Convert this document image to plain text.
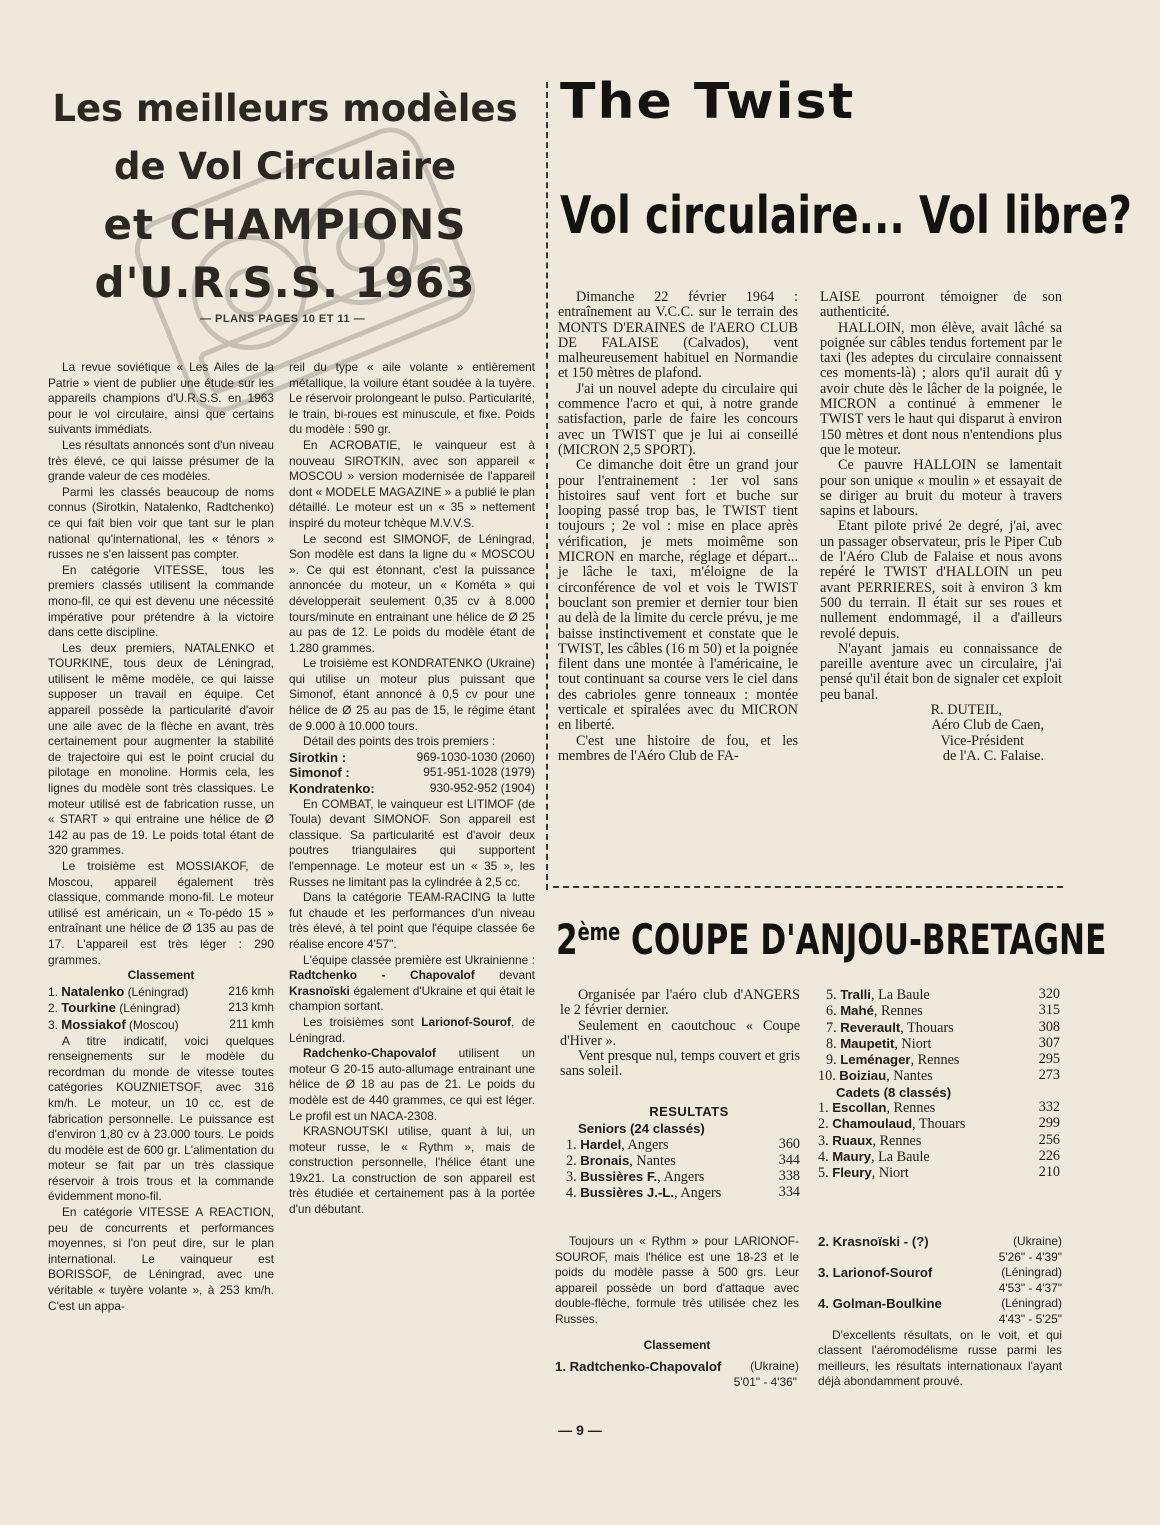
Les meilleurs modèles
de Vol Circulaire
et CHAMPIONS
d'U.R.S.S. 1963
— PLANS PAGES 10 ET 11 —

La revue soviétique « Les Ailes de la Patrie » vient de publier une étude sur les appareils champions d'U.R.S.S. en 1963 pour le vol circulaire, ainsi que certains suivants immédiats.

Les résultats annoncés sont d'un niveau très élevé, ce qui laisse présumer de la grande valeur de ces modèles.

Parmi les classés beaucoup de noms connus (Sirotkin, Natalenko, Radtchenko) ce qui fait bien voir que tant sur le plan national qu'international, les « ténors » russes ne s'en laissent pas compter.

En catégorie VITESSE, tous les premiers classés utilisent la commande mono-fil, ce qui est devenu une nécessité impérative pour prétendre à la victoire dans cette discipline.

Les deux premiers, NATALENKO et TOURKINE, tous deux de Léningrad, utilisent le même modèle, ce qui laisse supposer un travail en équipe. Cet appareil possède la particularité d'avoir une aile avec de la flèche en avant, très certainement pour augmenter la stabilité de trajectoire qui est le point crucial du pilotage en monoline. Hormis cela, les lignes du modèle sont très classiques. Le moteur utilisé est de fabrication russe, un « START » qui entraine une hélice de Ø 142 au pas de 19. Le poids total étant de 320 grammes.

Le troisième est MOSSIAKOF, de Moscou, appareil également très classique, commande mono-fil. Le moteur utilisé est américain, un « To-pédo 15 » entraînant une hélice de Ø 135 au pas de 17. L'appareil est très léger : 290 grammes.

Classement

1. Natalenko (Léningrad)	216 kmh
2. Tourkine (Léningrad)	213 kmh
3. Mossiakof (Moscou)	211 kmh

A titre indicatif, voici quelques renseignements sur le modèle du recordman du monde de vitesse toutes catégories KOUZNIETSOF, avec 316 km/h. Le moteur, un 10 cc. est de fabrication personnelle. Le puissance est d'environ 1,80 cv à 23.000 tours. Le poids du modèle est de 600 gr. L'alimentation du moteur se fait par un très classique réservoir à trois trous et la commande évidemment mono-fil.

En catégorie VITESSE A REACTION, peu de concurrents et performances moyennes, si l'on peut dire, sur le plan international. Le vainqueur est BORISSOF, de Léningrad, avec une véritable « tuyère volante », à 253 km/h. C'est un appa-

reil du type « aile volante » entièrement métallique, la voilure étant soudée à la tuyère. Le réservoir prolongeant le pulso. Particularité, le train, bi-roues est minuscule, et fixe. Poids du modèle : 590 gr.

En ACROBATIE, le vainqueur est à nouveau SIROTKIN, avec son appareil « MOSCOU » version modernisée de l'appareil dont « MODELE MAGAZINE » a publié le plan détaillé. Le moteur est un « 35 » nettement inspiré du moteur tchèque M.V.V.S.

Le second est SIMONOF, de Léningrad, Son modèle est dans la ligne du « MOSCOU ». Ce qui est étonnant, c'est la puissance annoncée du moteur, un « Kométa » qui développerait seulement 0,35 cv à 8.000 tours/minute en entrainant une hélice de Ø 25 au pas de 12. Le poids du modèle étant de 1.280 grammes.

Le troisième est KONDRATENKO (Ukraine) qui utilise un moteur plus puissant que Simonof, étant annoncé à 0,5 cv pour une hélice de Ø 25 au pas de 15, le régime étant de 9.000 à 10.000 tours.

Détail des points des trois premiers :

Sirotkin :	969-1030-1030 (2060)
Simonof :	951-951-1028 (1979)
Kondratenko:	930-952-952 (1904)

En COMBAT, le vainqueur est LITIMOF (de Toula) devant SIMONOF. Son appareil est classique. Sa particularité est d'avoir deux poutres triangulaires qui supportent l'empennage. Le moteur est un « 35 », les Russes ne limitant pas la cylindrée à 2,5 cc.

Dans la catégorie TEAM-RACING la lutte fut chaude et les performances d'un niveau très élevé, à tel point que l'équipe classée 6e réalise encore 4'57".

L'équipe classée première est Ukrainienne : Radtchenko - Chapovalof devant Krasnoïski également d'Ukraine et qui était le champion sortant.

Les troisièmes sont Larionof-Sourof, de Léningrad.

Radchenko-Chapovalof utilisent un moteur G 20-15 auto-allumage entrainant une hélice de Ø 18 au pas de 21. Le poids du modèle est de 440 grammes, ce qui est léger. Le profil est un NACA-2308.

KRASNOUTSKI utilise, quant à lui, un moteur russe, le « Rythm », mais de construction personnelle, l'hélice étant une 19x21. La construction de son appareil est très étudiée et certainement pas à la portée d'un débutant.

The Twist
Vol circulaire... Vol libre?

Dimanche 22 février 1964 : entraînement au V.C.C. sur le terrain des MONTS D'ERAINES de l'AERO CLUB DE FALAISE (Calvados), vent malheureusement habituel en Normandie et 150 mètres de plafond.

J'ai un nouvel adepte du circulaire qui commence l'acro et qui, à notre grande satisfaction, parle de faire les concours avec un TWIST que je lui ai conseillé (MICRON 2,5 SPORT).

Ce dimanche doit être un grand jour pour l'entrainement : 1er vol sans histoires sauf vent fort et buche sur looping passé trop bas, le TWIST tient toujours ; 2e vol : mise en place après vérification, je mets moimême son MICRON en marche, réglage et départ... je lâche le taxi, m'éloigne de la circonférence de vol et vois le TWIST bouclant son premier et dernier tour bien au delà de la limite du cercle prévu, je me baisse instinctivement et constate que le TWIST, les câbles (16 m 50) et la poignée filent dans une montée à l'américaine, le tout continuant sa course vers le ciel dans des cabrioles genre tonneaux : montée verticale et spiralées avec du MICRON en liberté.

C'est une histoire de fou, et les membres de l'Aéro Club de FA-

LAISE pourront témoigner de son authenticité.

HALLOIN, mon élève, avait lâché sa poignée sur câbles tendus fortement par le taxi (les adeptes du circulaire connaissent ces moments-là) ; alors qu'il aurait dû y avoir chute dès le lâcher de la poignée, le MICRON a continué à emmener le TWIST vers le haut qui disparut à environ 150 mètres et dont nous n'entendions plus que le moteur.

Ce pauvre HALLOIN se lamentait pour son unique « moulin » et essayait de se diriger au bruit du moteur à travers sapins et labours.

Etant pilote privé 2e degré, j'ai, avec un passager observateur, pris le Piper Cub de l'Aéro Club de Falaise et nous avons repéré le TWIST d'HALLOIN un peu avant PERRIERES, soit à environ 3 km 500 du terrain. Il était sur ses roues et nullement endommagé, il a d'ailleurs revolé depuis.

N'ayant jamais eu connaissance de pareille aventure avec un circulaire, j'ai pensé qu'il était bon de signaler cet exploit peu banal.

R. DUTEIL,

Aéro Club de Caen,

Vice-Président

de l'A. C. Falaise.

2ème COUPE D'ANJOU-BRETAGNE

Organisée par l'aéro club d'ANGERS le 2 février dernier.

Seulement en caoutchouc « Coupe d'Hiver ».

Vent presque nul, temps couvert et gris sans soleil.

RESULTATS

Seniors (24 classés)

1. Hardel, Angers	360
2. Bronais, Nantes	344
3. Bussières F., Angers	338
4. Bussières J.-L., Angers	334
5. Tralli, La Baule	320
6. Mahé, Rennes	315
7. Reverault, Thouars	308
8. Maupetit, Niort	307
9. Leménager, Rennes	295
10. Boiziau, Nantes	273

Cadets (8 classés)

1. Escollan, Rennes	332
2. Chamoulaud, Thouars	299
3. Ruaux, Rennes	256
4. Maury, La Baule	226
5. Fleury, Niort	210

Toujours un « Rythm » pour LARIONOF-SOUROF, mais l'hélice est une 18-23 et le poids du modèle passe à 500 grs. Leur appareil possède un bord d'attaque avec double-flèche, formule très utilisée chez les Russes.

Classement

1. Radtchenko-Chapovalof (Ukraine)
5'01" - 4'36"
2. Krasnoïski - (?)	(Ukraine)
5'26" - 4'39"
3. Larionof-Sourof	(Léningrad)
4'53" - 4'37"
4. Golman-Boulkine	(Léningrad)
4'43" - 5'25"

D'excellents résultats, on le voit, et qui classent l'aéromodélisme russe parmi les meilleurs, les résultats internationaux l'ayant déjà abondamment prouvé.

— 9 —
